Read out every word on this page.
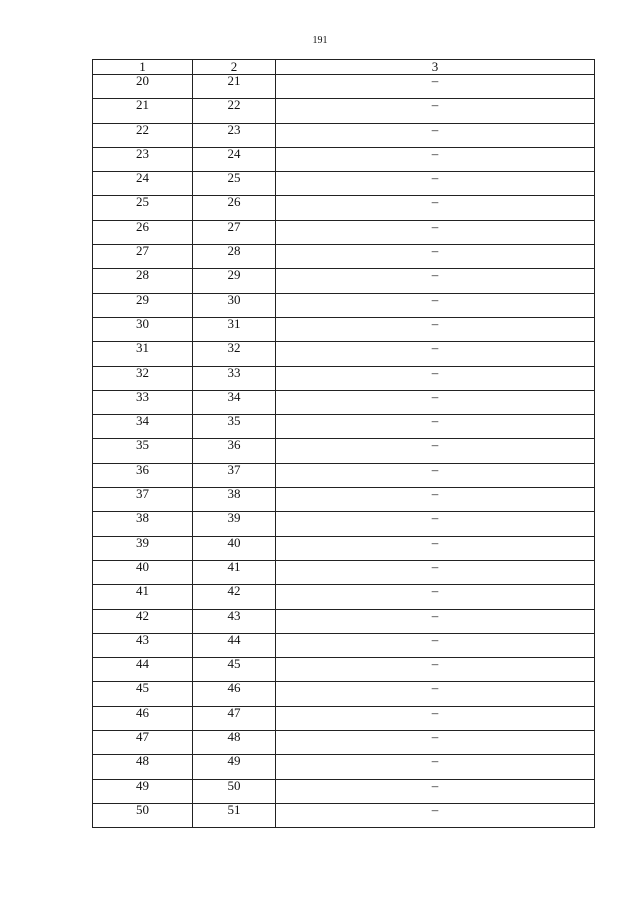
191
1	2	3
20	21	–
21	22	–
22	23	–
23	24	–
24	25	–
25	26	–
26	27	–
27	28	–
28	29	–
29	30	–
30	31	–
31	32	–
32	33	–
33	34	–
34	35	–
35	36	–
36	37	–
37	38	–
38	39	–
39	40	–
40	41	–
41	42	–
42	43	–
43	44	–
44	45	–
45	46	–
46	47	–
47	48	–
48	49	–
49	50	–
50	51	–
